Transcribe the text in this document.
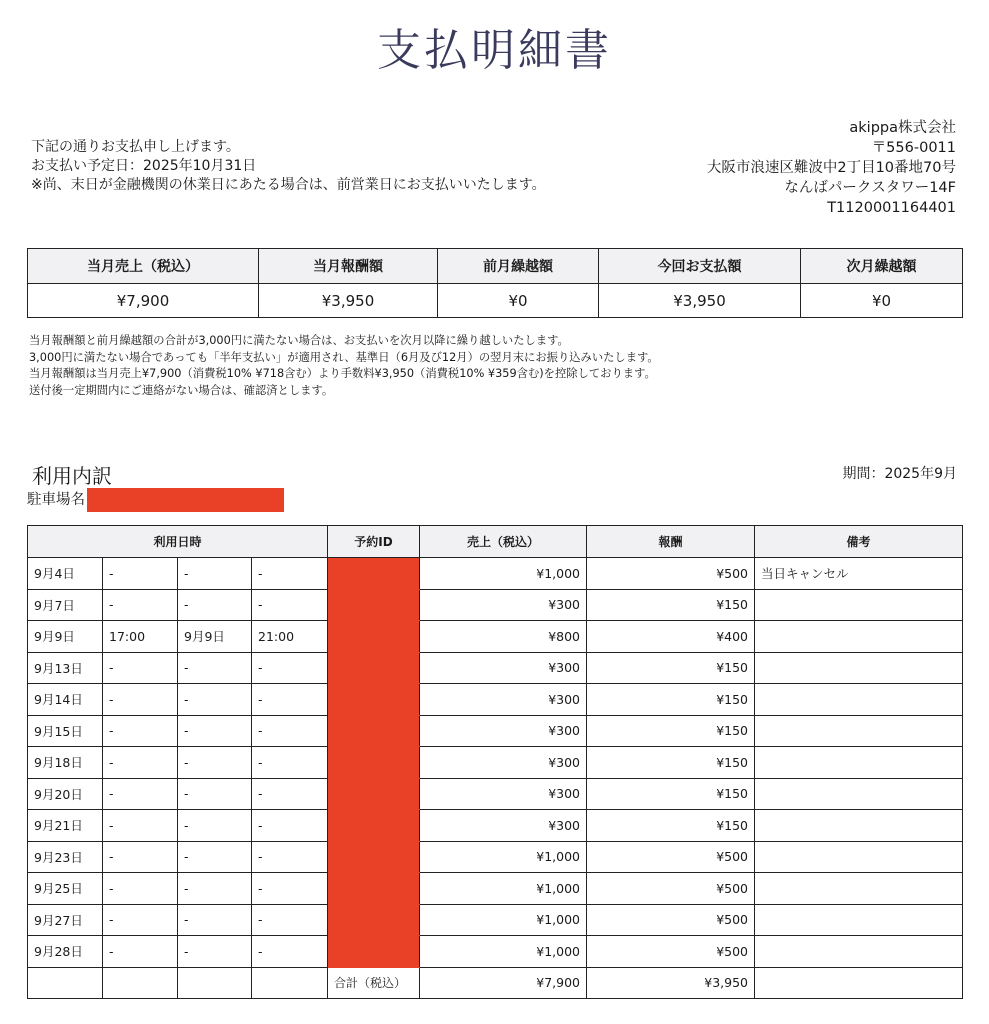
支払明細書
下記の通りお支払申し上げます。
お支払い予定日：2025年10月31日
※尚、末日が金融機関の休業日にあたる場合は、前営業日にお支払いいたします。
akippa株式会社
〒556-0011
大阪市浪速区難波中2丁目10番地70号
なんばパークスタワー14F
T1120001164401
当月売上（税込）	当月報酬額	前月繰越額	今回お支払額	次月繰越額
¥7,900	¥3,950	¥0	¥3,950	¥0
当月報酬額と前月繰越額の合計が3,000円に満たない場合は、お支払いを次月以降に繰り越しいたします。
3,000円に満たない場合であっても「半年支払い」が適用され、基準日（6月及び12月）の翌月末にお振り込みいたします。
当月報酬額は当月売上¥7,900（消費税10% ¥718含む）より手数料¥3,950（消費税10% ¥359含む)を控除しております。
送付後一定期間内にご連絡がない場合は、確認済とします。
利用内訳	期間：2025年9月
駐車場名
利用日時				予約ID	売上（税込）	報酬	備考
9月4日	-	-	-		¥1,000	¥500	当日キャンセル
9月7日	-	-	-		¥300	¥150	
9月9日	17:00	9月9日	21:00		¥800	¥400	
9月13日	-	-	-		¥300	¥150	
9月14日	-	-	-		¥300	¥150	
9月15日	-	-	-		¥300	¥150	
9月18日	-	-	-		¥300	¥150	
9月20日	-	-	-		¥300	¥150	
9月21日	-	-	-		¥300	¥150	
9月23日	-	-	-		¥1,000	¥500	
9月25日	-	-	-		¥1,000	¥500	
9月27日	-	-	-		¥1,000	¥500	
9月28日	-	-	-		¥1,000	¥500	
				合計（税込）	¥7,900	¥3,950	
